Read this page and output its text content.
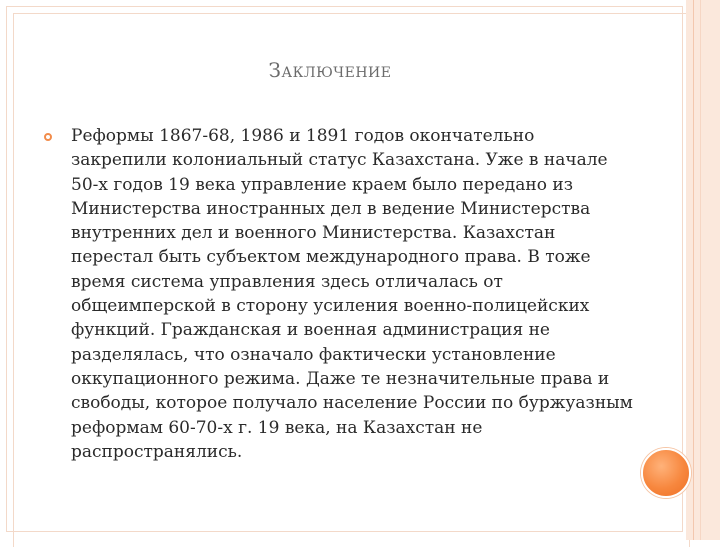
Заключение

Реформы 1867-68, 1986 и 1891 годов окончательно
закрепили колониальный статус Казахстана. Уже в начале
50-х годов 19 века управление краем было передано из
Министерства иностранных дел в ведение Министерства
внутренних дел и военного Министерства. Казахстан
перестал быть субъектом международного права. В тоже
время система управления здесь отличалась от
общеимперской в сторону усиления военно-полицейских
функций. Гражданская и военная администрация не
разделялась, что означало фактически установление
оккупационного режима. Даже те незначительные права и
свободы, которое получало население России по буржуазным
реформам 60-70-х г. 19 века, на Казахстан не
распространялись.
